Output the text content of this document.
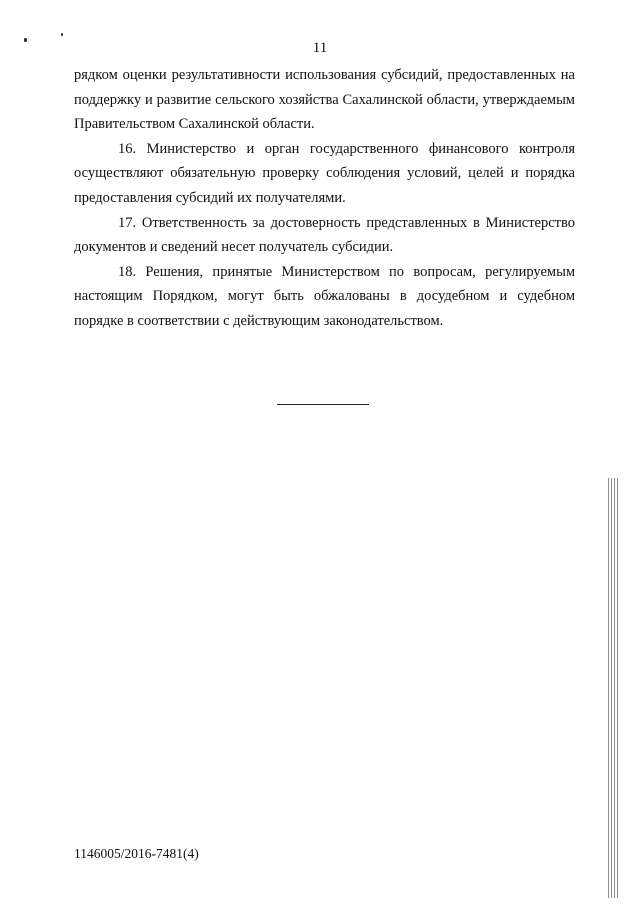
11

рядком оценки результативности использования субсидий, предоставленных на поддержку и развитие сельского хозяйства Сахалинской области, утверждаемым Правительством Сахалинской области.

16. Министерство и орган государственного финансового контроля осуществляют обязательную проверку соблюдения условий, целей и порядка предоставления субсидий их получателями.

17. Ответственность за достоверность представленных в Министерство документов и сведений несет получатель субсидии.

18. Решения, принятые Министерством по вопросам, регулируемым настоящим Порядком, могут быть обжалованы в досудебном и судебном порядке в соответствии с действующим законодательством.

1146005/2016-7481(4)
